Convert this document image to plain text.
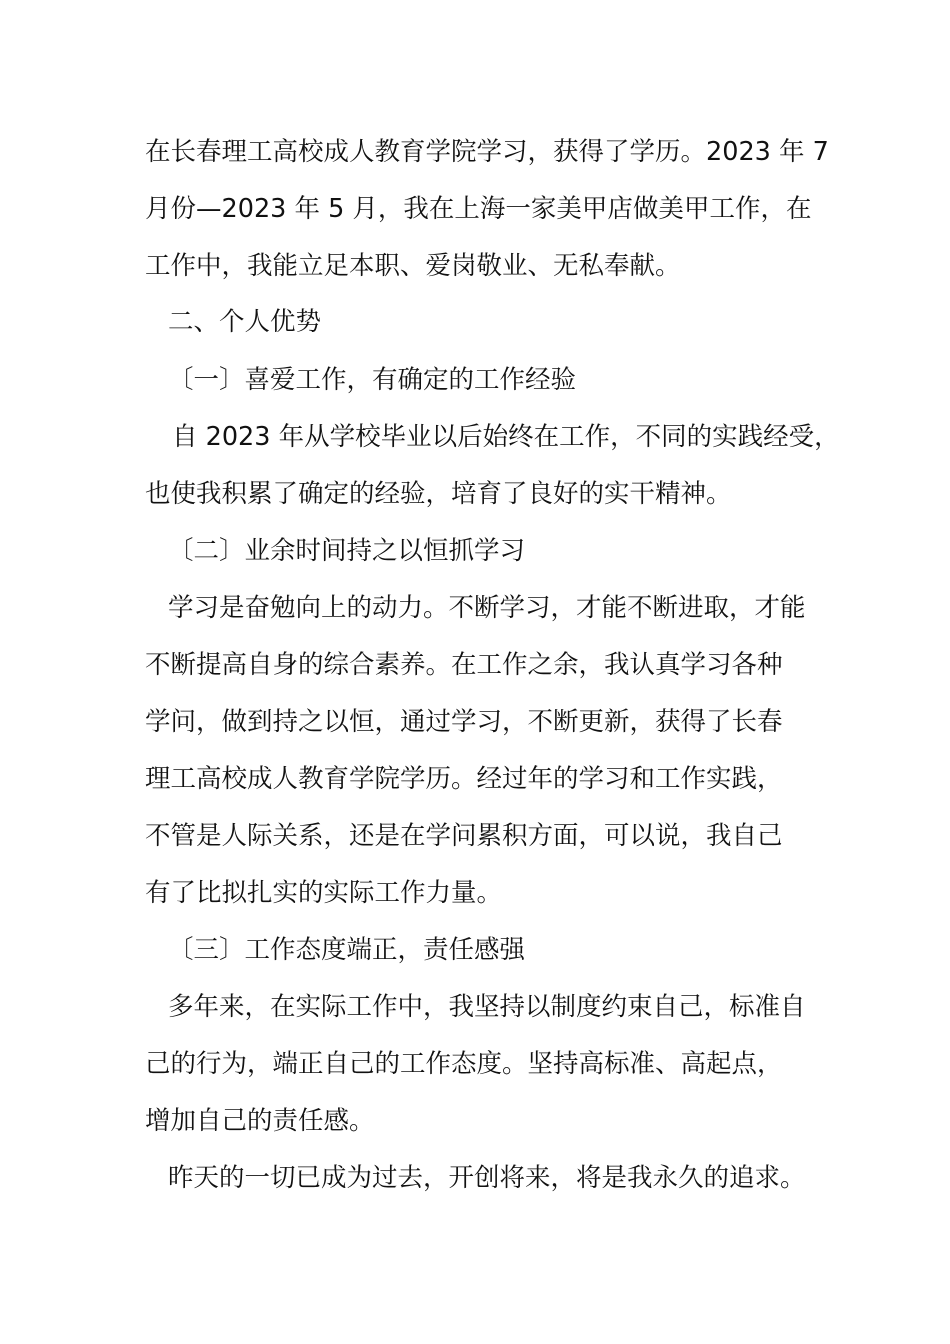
在长春理工高校成人教育学院学习，获得了学历。2023 年 7
月份—2023 年 5 月，我在上海一家美甲店做美甲工作，在
工作中，我能立足本职、爱岗敬业、无私奉献。
二、个人优势
〔一〕喜爱工作，有确定的工作经验
自 2023 年从学校毕业以后始终在工作，不同的实践经受，
也使我积累了确定的经验，培育了良好的实干精神。
〔二〕业余时间持之以恒抓学习
学习是奋勉向上的动力。不断学习，才能不断进取，才能
不断提高自身的综合素养。在工作之余，我认真学习各种
学问，做到持之以恒，通过学习，不断更新，获得了长春
理工高校成人教育学院学历。经过年的学习和工作实践，
不管是人际关系，还是在学问累积方面，可以说，我自己
有了比拟扎实的实际工作力量。
〔三〕工作态度端正，责任感强
多年来，在实际工作中，我坚持以制度约束自己，标准自
己的行为，端正自己的工作态度。坚持高标准、高起点，
增加自己的责任感。
昨天的一切已成为过去，开创将来，将是我永久的追求。
